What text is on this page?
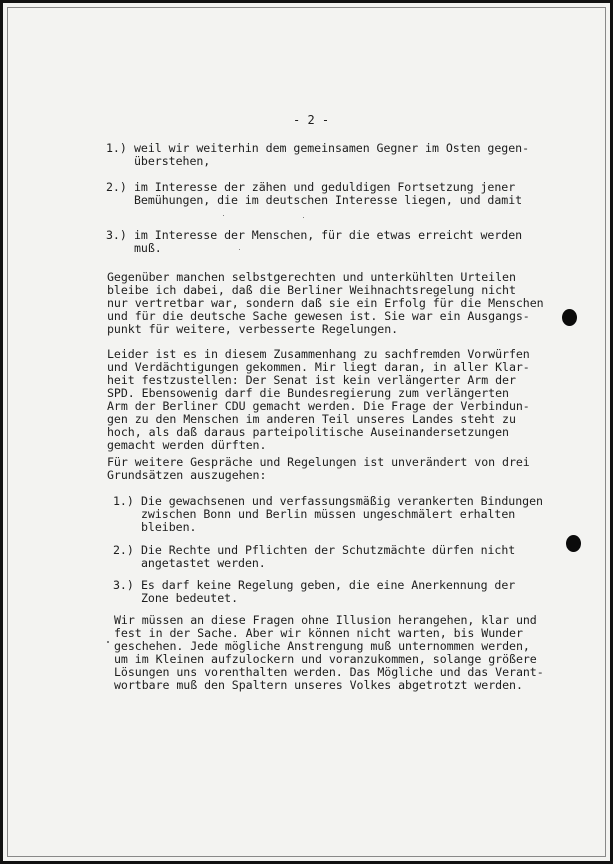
- 2 -
1.) weil wir weiterhin dem gemeinsamen Gegner im Osten gegen-
überstehen,
2.) im Interesse der zähen und geduldigen Fortsetzung jener
Bemühungen, die im deutschen Interesse liegen, und damit
3.) im Interesse der Menschen, für die etwas erreicht werden
muß.
Gegenüber manchen selbstgerechten und unterkühlten Urteilen
bleibe ich dabei, daß die Berliner Weihnachtsregelung nicht
nur vertretbar war, sondern daß sie ein Erfolg für die Menschen
und für die deutsche Sache gewesen ist. Sie war ein Ausgangs-
punkt für weitere, verbesserte Regelungen.
Leider ist es in diesem Zusammenhang zu sachfremden Vorwürfen
und Verdächtigungen gekommen. Mir liegt daran, in aller Klar-
heit festzustellen: Der Senat ist kein verlängerter Arm der
SPD. Ebensowenig darf die Bundesregierung zum verlängerten
Arm der Berliner CDU gemacht werden. Die Frage der Verbindun-
gen zu den Menschen im anderen Teil unseres Landes steht zu
hoch, als daß daraus parteipolitische Auseinandersetzungen
gemacht werden dürften.
Für weitere Gespräche und Regelungen ist unverändert von drei
Grundsätzen auszugehen:
1.) Die gewachsenen und verfassungsmäßig verankerten Bindungen
zwischen Bonn und Berlin müssen ungeschmälert erhalten
bleiben.
2.) Die Rechte und Pflichten der Schutzmächte dürfen nicht
angetastet werden.
3.) Es darf keine Regelung geben, die eine Anerkennung der
Zone bedeutet.
Wir müssen an diese Fragen ohne Illusion herangehen, klar und
fest in der Sache. Aber wir können nicht warten, bis Wunder
geschehen. Jede mögliche Anstrengung muß unternommen werden,
um im Kleinen aufzulockern und voranzukommen, solange größere
Lösungen uns vorenthalten werden. Das Mögliche und das Verant-
wortbare muß den Spaltern unseres Volkes abgetrotzt werden.
